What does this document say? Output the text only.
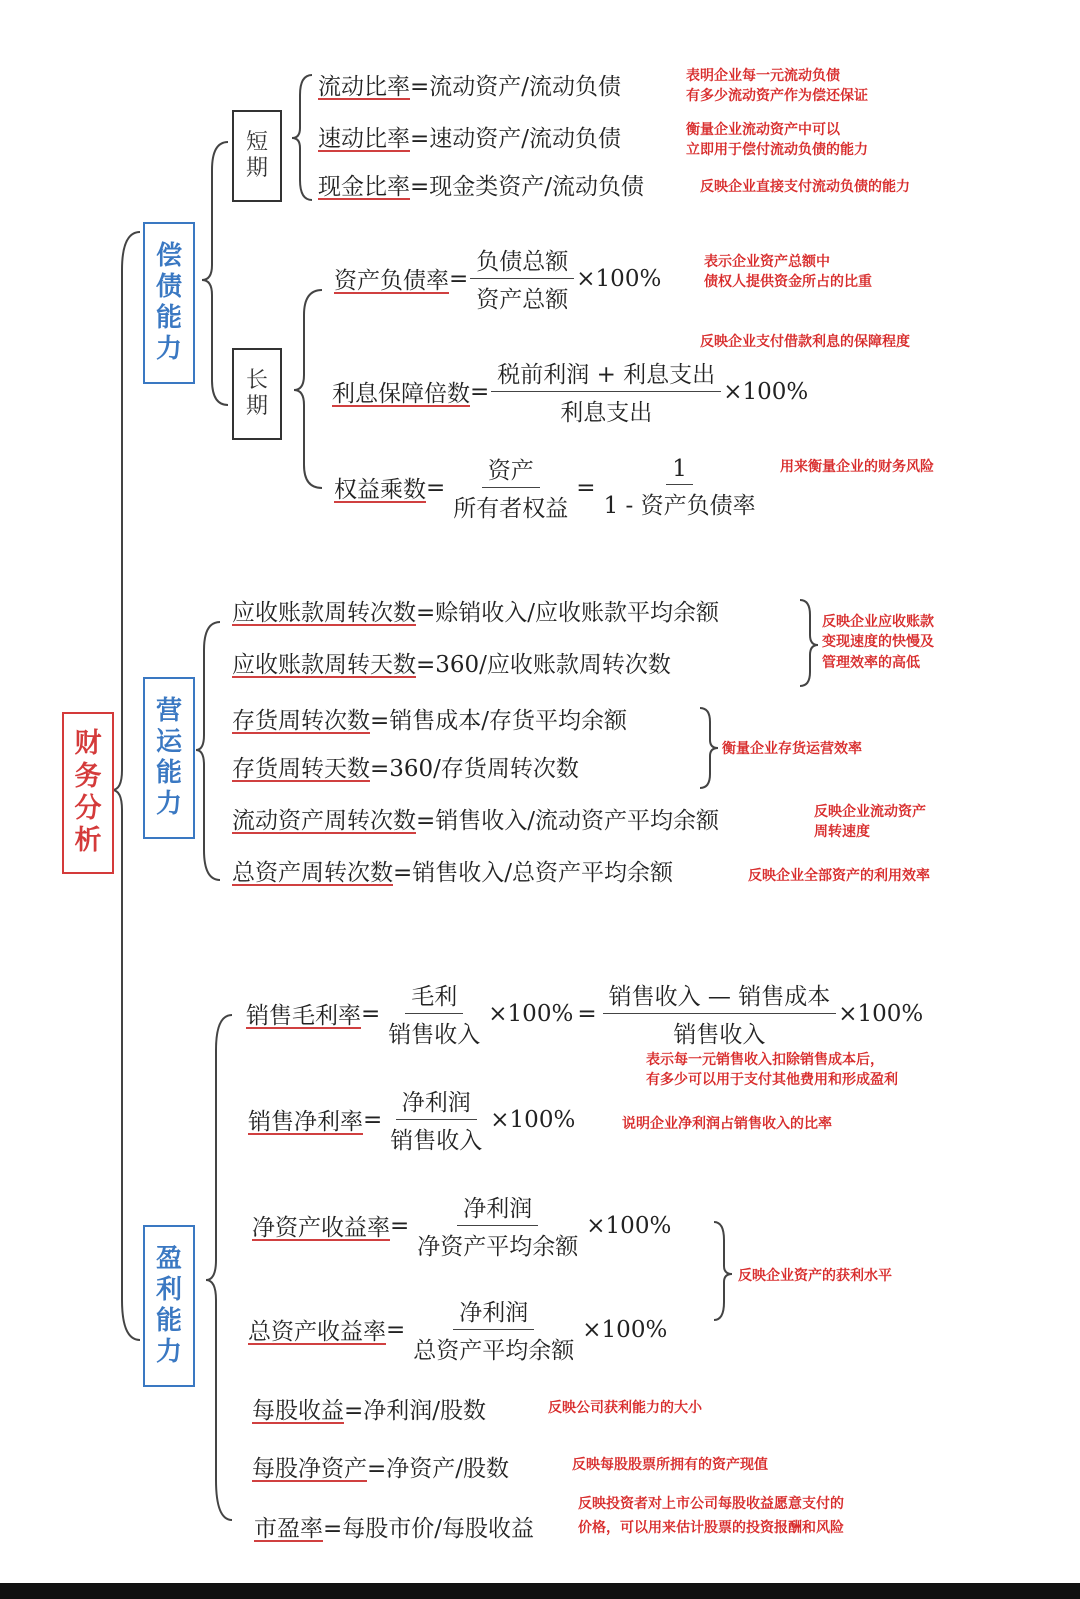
财
务
分
析
偿
债
能
力
营
运
能
力
盈
利
能
力
短
期
长
期
流动比率=流动资产/流动负债	表明企业每一元流动负债
有多少流动资产作为偿还保证
速动比率=速动资产/流动负债	衡量企业流动资产中可以
立即用于偿付流动负债的能力
现金比率=现金类资产/流动负债	反映企业直接支付流动负债的能力
资产负债率 = $\frac{\text{负债总额}}{\text{资产总额}} \times 100\%$
表示企业资产总额中
债权人提供资金所占的比重
反映企业支付借款利息的保障程度
利息保障倍数 = $\frac{\text{税前利润 + 利息支出}}{\text{利息支出}} \times 100\%$
权益乘数 = $\frac{\text{资产}}{\text{所有者权益}} = \frac{1}{\text{1 - 资产负债率}}$ 用来衡量企业的财务风险
应收账款周转次数=赊销收入/应收账款平均余额
应收账款周转天数=360/应收账款周转次数
反映企业应收账款
变现速度的快慢及
管理效率的高低
存货周转次数=销售成本/存货平均余额
存货周转天数=360/存货周转次数
衡量企业存货运营效率
流动资产周转次数=销售收入/流动资产平均余额	反映企业流动资产
周转速度
总资产周转次数=销售收入/总资产平均余额	反映企业全部资产的利用效率
销售毛利率 = $\frac{\text{毛利}}{\text{销售收入}} \times 100\% = \frac{\text{销售收入 — 销售成本}}{\text{销售收入}} \times 100\%$
表示每一元销售收入扣除销售成本后，
有多少可以用于支付其他费用和形成盈利
销售净利率 = $\frac{\text{净利润}}{\text{销售收入}} \times 100\%$	说明企业净利润占销售收入的比率
净资产收益率 = $\frac{\text{净利润}}{\text{净资产平均余额}} \times 100\%$
反映企业资产的获利水平
总资产收益率 = $\frac{\text{净利润}}{\text{总资产平均余额}} \times 100\%$
每股收益=净利润/股数	反映公司获利能力的大小
每股净资产=净资产/股数	反映每股股票所拥有的资产现值
市盈率=每股市价/每股收益
反映投资者对上市公司每股收益愿意支付的
价格，可以用来估计股票的投资报酬和风险
